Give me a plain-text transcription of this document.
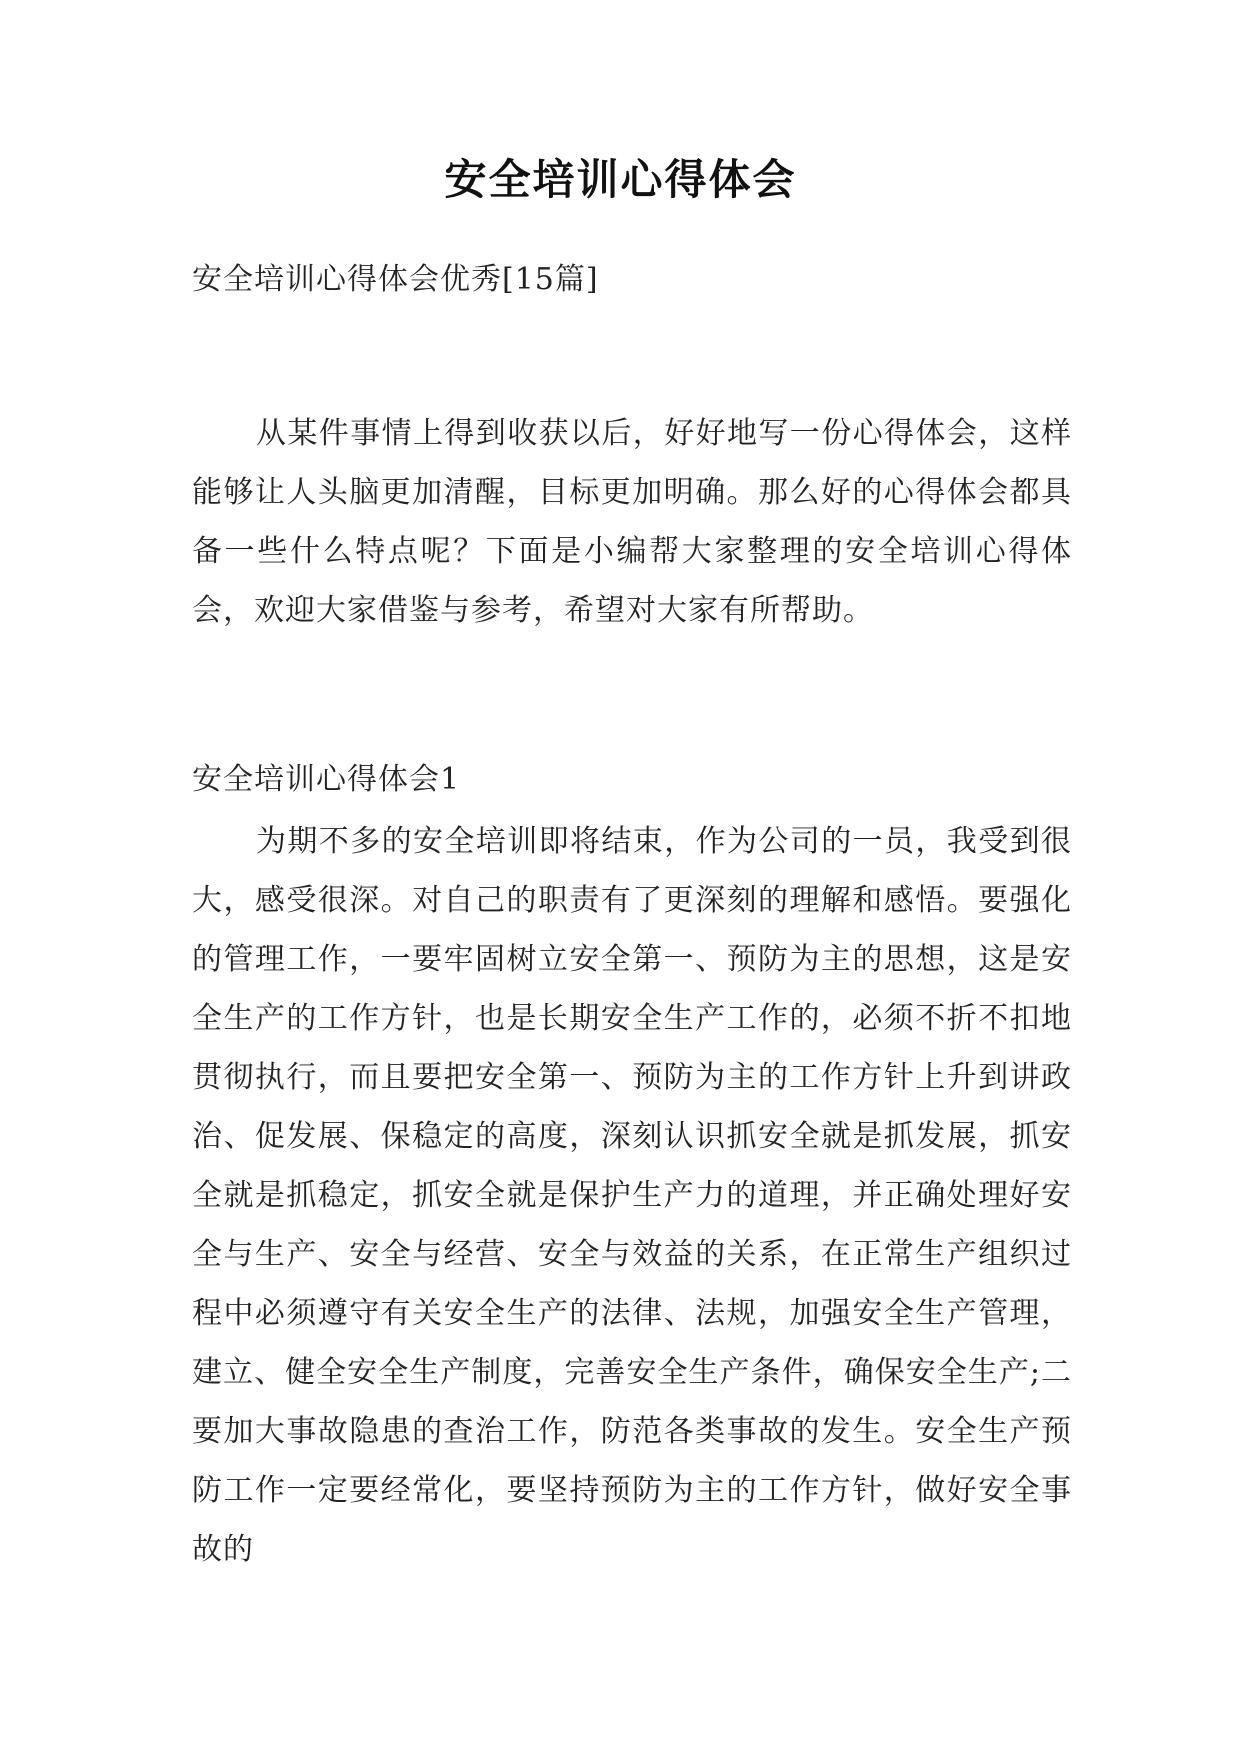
安全培训心得体会
安全培训心得体会优秀[15篇]
从某件事情上得到收获以后，好好地写一份心得体会，这样能够让人头脑更加清醒，目标更加明确。那么好的心得体会都具备一些什么特点呢？下面是小编帮大家整理的安全培训心得体会，欢迎大家借鉴与参考，希望对大家有所帮助。
安全培训心得体会1
为期不多的安全培训即将结束，作为公司的一员，我受到很大，感受很深。对自己的职责有了更深刻的理解和感悟。要强化的管理工作，一要牢固树立安全第一、预防为主的思想，这是安全生产的工作方针，也是长期安全生产工作的，必须不折不扣地贯彻执行，而且要把安全第一、预防为主的工作方针上升到讲政治、促发展、保稳定的高度，深刻认识抓安全就是抓发展，抓安全就是抓稳定，抓安全就是保护生产力的道理，并正确处理好安全与生产、安全与经营、安全与效益的关系，在正常生产组织过程中必须遵守有关安全生产的法律、法规，加强安全生产管理，建立、健全安全生产制度，完善安全生产条件，确保安全生产;二要加大事故隐患的查治工作，防范各类事故的发生。安全生产预防工作一定要经常化，要坚持预防为主的工作方针，做好安全事故的
